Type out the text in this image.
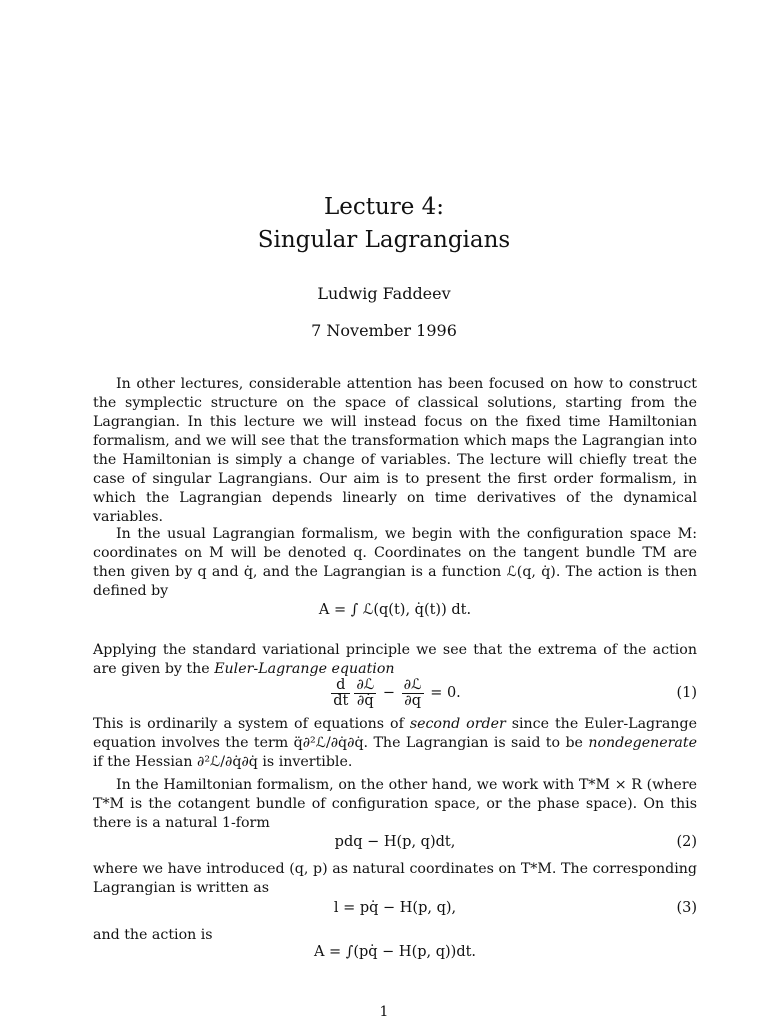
Lecture 4:
Singular Lagrangians
Ludwig Faddeev
7 November 1996

In other lectures, considerable attention has been focused on how to construct the symplectic structure on the space of classical solutions, starting from the Lagrangian. In this lecture we will instead focus on the fixed time Hamiltonian formalism, and we will see that the transformation which maps the Lagrangian into the Hamiltonian is simply a change of variables. The lecture will chiefly treat the case of singular Lagrangians. Our aim is to present the first order formalism, in which the Lagrangian depends linearly on time derivatives of the dynamical variables.

In the usual Lagrangian formalism, we begin with the configuration space M: coordinates on M will be denoted q. Coordinates on the tangent bundle TM are then given by q and q̇, and the Lagrangian is a function ℒ(q, q̇). The action is then defined by

A = ∫ ℒ(q(t), q̇(t)) dt.

Applying the standard variational principle we see that the extrema of the action are given by the Euler-Lagrange equation

$\frac{d}{dt} \frac{\text{∂ℒ}}{\partial q̇} - \frac{\text{∂ℒ}}{\partial q} = 0$.	(1)

This is ordinarily a system of equations of second order since the Euler-Lagrange equation involves the term q̈∂²ℒ/∂q̇∂q̇. The Lagrangian is said to be nondegenerate if the Hessian ∂²ℒ/∂q̇∂q̇ is invertible.

In the Hamiltonian formalism, on the other hand, we work with T*M × R (where T*M is the cotangent bundle of configuration space, or the phase space). On this there is a natural 1-form

pdq − H(p, q)dt,	(2)

where we have introduced (q, p) as natural coordinates on T*M. The corresponding Lagrangian is written as

l = pq̇ − H(p, q),	(3)

and the action is

A = ∫(pq̇ − H(p, q))dt.
1
